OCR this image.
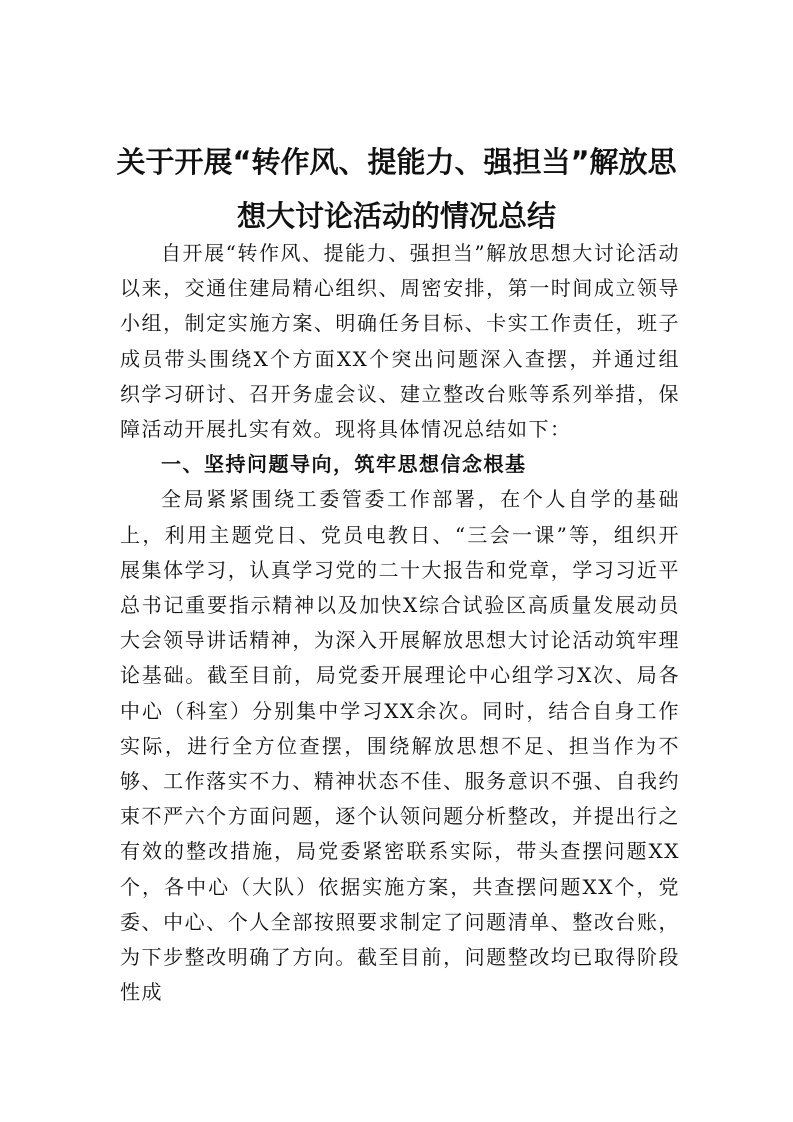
关于开展“转作风、提能力、强担当”解放思
想大讨论活动的情况总结

自开展“转作风、提能力、强担当”解放思想大讨论活动以来，交通住建局精心组织、周密安排，第一时间成立领导小组，制定实施方案、明确任务目标、卡实工作责任，班子成员带头围绕X个方面XX个突出问题深入查摆，并通过组织学习研讨、召开务虚会议、建立整改台账等系列举措，保障活动开展扎实有效。现将具体情况总结如下：

一、坚持问题导向，筑牢思想信念根基

全局紧紧围绕工委管委工作部署，在个人自学的基础上，利用主题党日、党员电教日、“三会一课”等，组织开展集体学习，认真学习党的二十大报告和党章，学习习近平总书记重要指示精神以及加快X综合试验区高质量发展动员大会领导讲话精神，为深入开展解放思想大讨论活动筑牢理论基础。截至目前，局党委开展理论中心组学习X次、局各中心（科室）分别集中学习XX余次。同时，结合自身工作实际，进行全方位查摆，围绕解放思想不足、担当作为不够、工作落实不力、精神状态不佳、服务意识不强、自我约束不严六个方面问题，逐个认领问题分析整改，并提出行之有效的整改措施，局党委紧密联系实际，带头查摆问题XX个，各中心（大队）依据实施方案，共查摆问题XX个，党委、中心、个人全部按照要求制定了问题清单、整改台账，为下步整改明确了方向。截至目前，问题整改均已取得阶段性成
